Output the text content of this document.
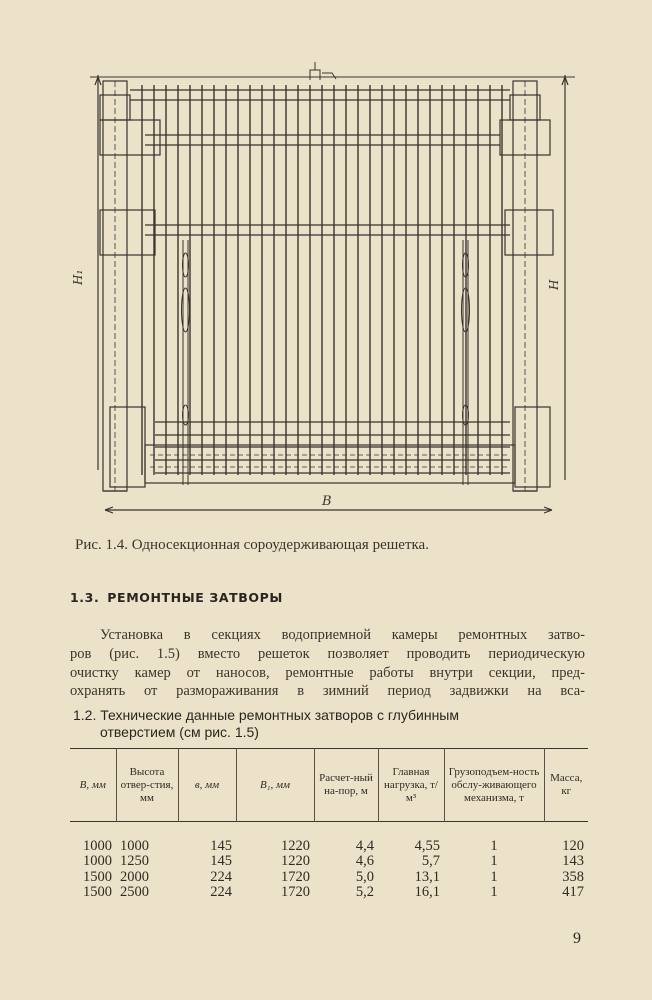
H₁	H
В
Рис. 1.4. Односекционная сороудерживающая решетка.
1.3. РЕМОНТНЫЕ ЗАТВОРЫ
Установка в секциях водоприемной камеры ремонтных затво-
ров (рис. 1.5) вместо решеток позволяет проводить периодическую
очистку камер от наносов, ремонтные работы внутри секции, пред-
охранять от размораживания в зимний период задвижки на вса-
1.2. Технические данные ремонтных затворов с глубинным
отверстием (см рис. 1.5)
В, мм	Высота отвер-стия, мм	в, мм	В₁, мм	Расчет-ный на-пор, м	Главная нагрузка, т/м³	Грузоподъем-ность обслу-живающего механизма, т	Масса, кг
1000	1000	145	1220	4,4	4,55	1	120
1000	1250	145	1220	4,6	5,7	1	143
1500	2000	224	1720	5,0	13,1	1	358
1500	2500	224	1720	5,2	16,1	1	417
9
